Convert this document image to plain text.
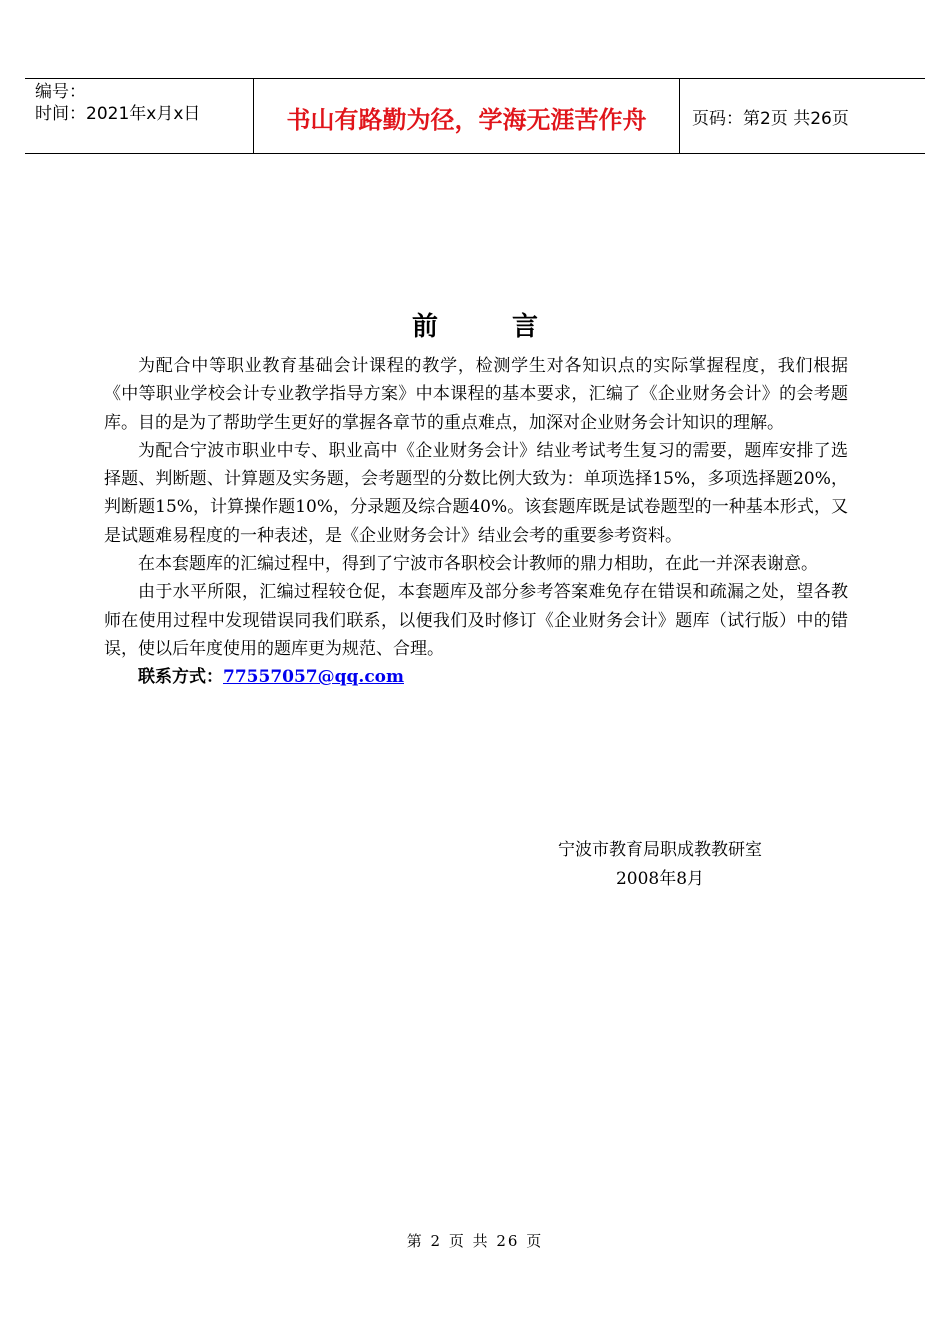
编号：
时间：2021年x月x日	书山有路勤为径，学海无涯苦作舟	页码：第2页 共26页
前	言

为配合中等职业教育基础会计课程的教学，检测学生对各知识点的实际掌握程度，我们根据《中等职业学校会计专业教学指导方案》中本课程的基本要求，汇编了《企业财务会计》的会考题库。目的是为了帮助学生更好的掌握各章节的重点难点，加深对企业财务会计知识的理解。

为配合宁波市职业中专、职业高中《企业财务会计》结业考试考生复习的需要，题库安排了选择题、判断题、计算题及实务题，会考题型的分数比例大致为：单项选择15%，多项选择题20%，判断题15%，计算操作题10%，分录题及综合题40%。该套题库既是试卷题型的一种基本形式，又是试题难易程度的一种表述，是《企业财务会计》结业会考的重要参考资料。

在本套题库的汇编过程中，得到了宁波市各职校会计教师的鼎力相助，在此一并深表谢意。

由于水平所限，汇编过程较仓促，本套题库及部分参考答案难免存在错误和疏漏之处，望各教师在使用过程中发现错误同我们联系，以便我们及时修订《企业财务会计》题库（试行版）中的错误，使以后年度使用的题库更为规范、合理。

联系方式：77557057@qq.com

宁波市教育局职成教教研室
2008年8月
第 2 页 共 26 页
